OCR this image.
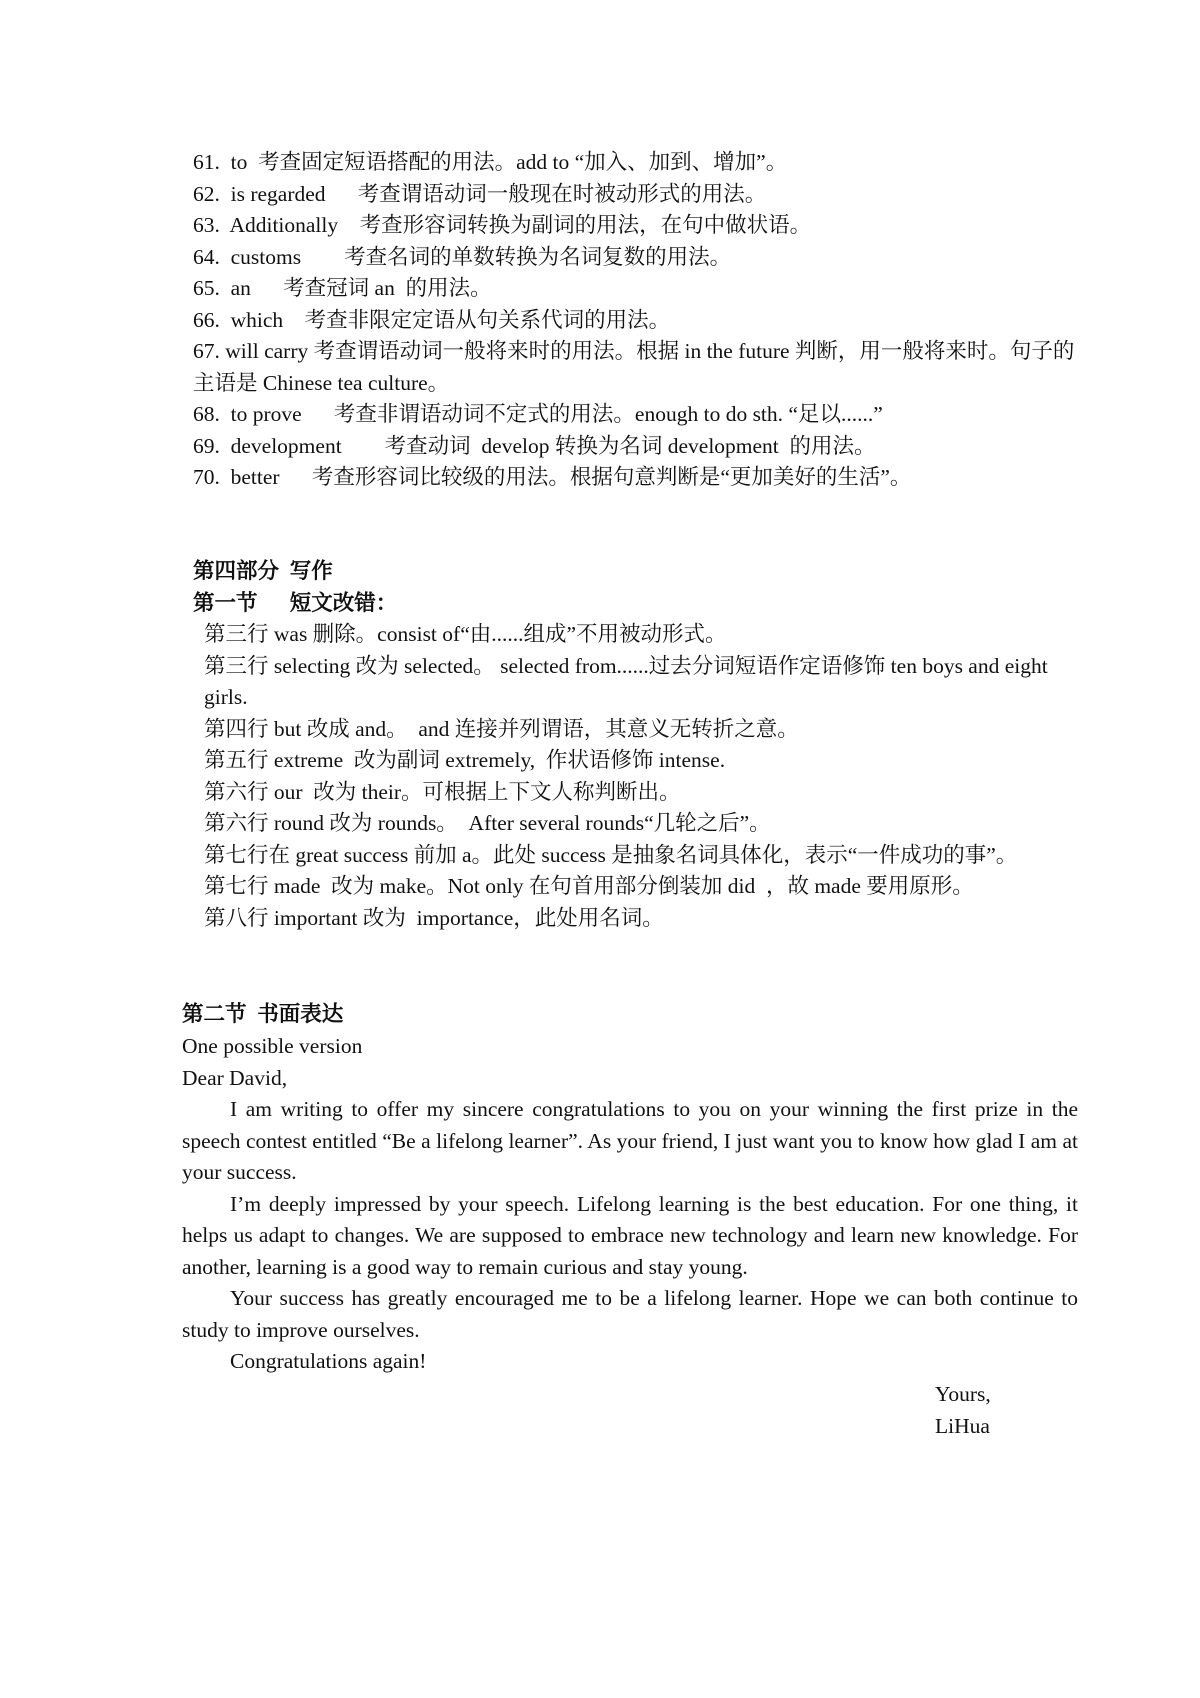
61.  to  考查固定短语搭配的用法。add to “加入、加到、增加”。
62.  is regarded      考查谓语动词一般现在时被动形式的用法。
63.  Additionally    考查形容词转换为副词的用法，在句中做状语。
64.  customs        考查名词的单数转换为名词复数的用法。
65.  an      考查冠词 an  的用法。
66.  which    考查非限定定语从句关系代词的用法。
67. will carry 考查谓语动词一般将来时的用法。根据 in the future 判断，用一般将来时。句子的主语是 Chinese tea culture。
68.  to prove      考查非谓语动词不定式的用法。enough to do sth. “足以......”
69.  development        考查动词  develop 转换为名词 development  的用法。
70.  better      考查形容词比较级的用法。根据句意判断是“更加美好的生活”。
第四部分  写作
第一节      短文改错：
第三行 was 删除。consist of“由......组成”不用被动形式。
第三行 selecting 改为 selected。 selected from......过去分词短语作定语修饰 ten boys and eight girls.
第四行 but 改成 and。  and 连接并列谓语，其意义无转折之意。
第五行 extreme  改为副词 extremely,  作状语修饰 intense.
第六行 our  改为 their。可根据上下文人称判断出。
第六行 round 改为 rounds。  After several rounds“几轮之后”。
第七行在 great success 前加 a。此处 success 是抽象名词具体化，表示“一件成功的事”。
第七行 made  改为 make。Not only 在句首用部分倒装加 did  ，故 made 要用原形。
第八行 important 改为  importance，此处用名词。
第二节  书面表达
One possible version
Dear David,
I am writing to offer my sincere congratulations to you on your winning the first prize in the speech contest entitled “Be a lifelong learner”. As your friend, I just want you to know how glad I am at your success.
I’m deeply impressed by your speech. Lifelong learning is the best education. For one thing, it helps us adapt to changes. We are supposed to embrace new technology and learn new knowledge. For another, learning is a good way to remain curious and stay young.
Your success has greatly encouraged me to be a lifelong learner. Hope we can both continue to study to improve ourselves.
Congratulations again!
Yours,
LiHua
